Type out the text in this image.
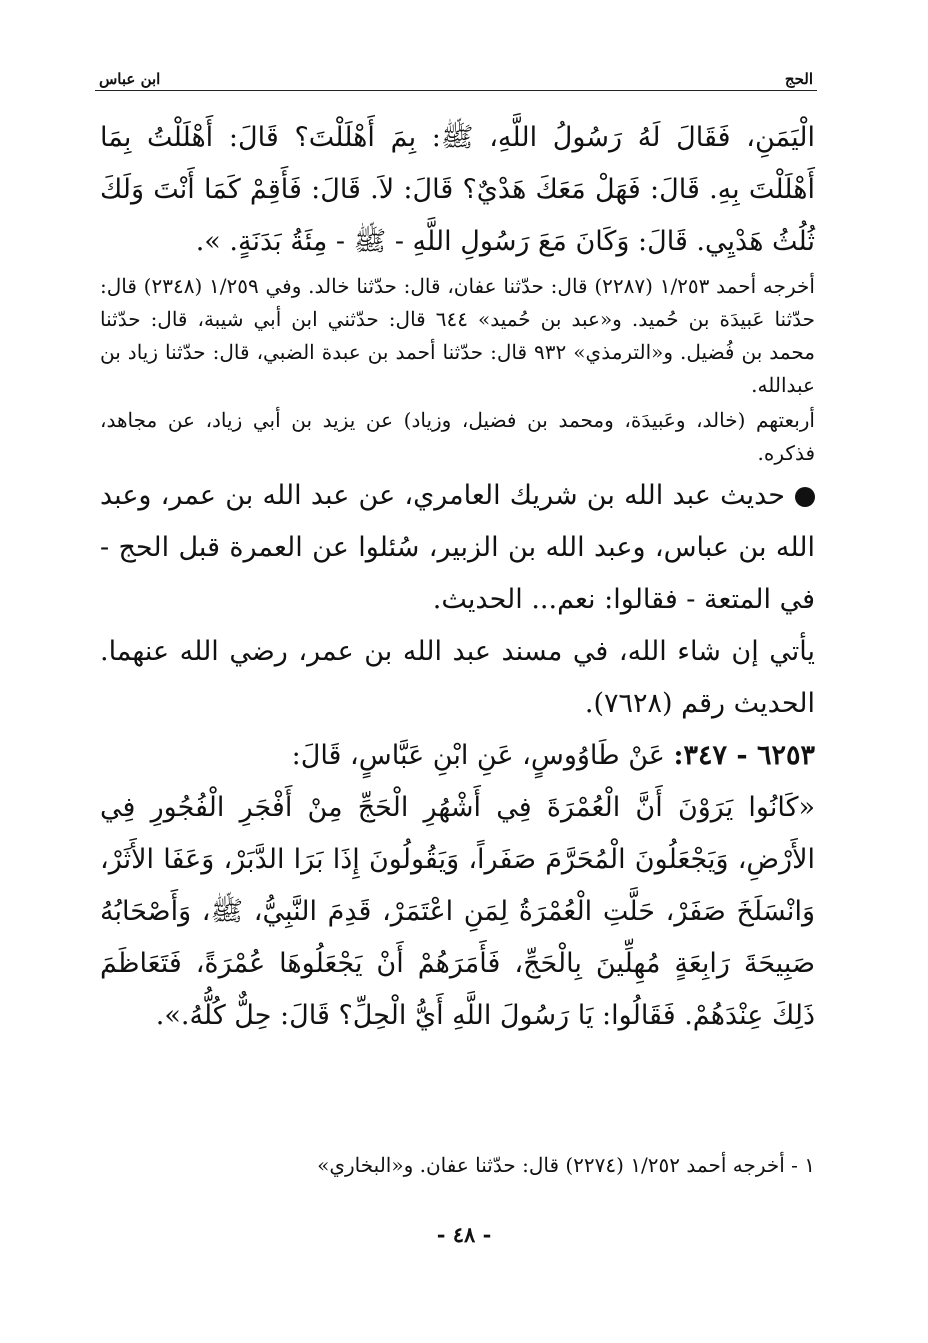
الحج
ابن عباس

الْيَمَنِ، فَقَالَ لَهُ رَسُولُ اللَّهِ، ﷺ: بِمَ أَهْلَلْتَ؟ قَالَ: أَهْلَلْتُ بِمَا أَهْلَلْتَ بِهِ. قَالَ: فَهَلْ مَعَكَ هَدْيٌ؟ قَالَ: لاَ. قَالَ: فَأَقِمْ كَمَا أَنْتَ وَلَكَ ثُلُثُ هَدْيِي. قَالَ: وَكَانَ مَعَ رَسُولِ اللَّهِ - ﷺ - مِئَةُ بَدَنَةٍ. ».

أخرجه أحمد ١/٢٥٣ (٢٢٨٧) قال: حدّثنا عفان، قال: حدّثنا خالد. وفي ١/٢٥٩ (٢٣٤٨) قال: حدّثنا عَبيدَة بن حُميد. و«عبد بن حُميد» ٦٤٤ قال: حدّثني ابن أبي شيبة، قال: حدّثنا محمد بن فُضيل. و«الترمذي» ٩٣٢ قال: حدّثنا أحمد بن عبدة الضبي، قال: حدّثنا زياد بن عبدالله.

أربعتهم (خالد، وعَبيدَة، ومحمد بن فضيل، وزياد) عن يزيد بن أبي زياد، عن مجاهد، فذكره.

حديث عبد الله بن شريك العامري، عن عبد الله بن عمر، وعبد الله بن عباس، وعبد الله بن الزبير، سُئلوا عن العمرة قبل الحج - في المتعة - فقالوا: نعم... الحديث.

يأتي إن شاء الله، في مسند عبد الله بن عمر، رضي الله عنهما. الحديث رقم (٧٦٢٨).

٦٢٥٣ - ٣٤٧: عَنْ طَاوُوسٍ، عَنِ ابْنِ عَبَّاسٍ، قَالَ:

«كَانُوا يَرَوْنَ أَنَّ الْعُمْرَةَ فِي أَشْهُرِ الْحَجِّ مِنْ أَفْجَرِ الْفُجُورِ فِي الأَرْضِ، وَيَجْعَلُونَ الْمُحَرَّمَ صَفَراً، وَيَقُولُونَ إِذَا بَرَا الدَّبَرْ، وَعَفَا الأَثَرْ، وَانْسَلَخَ صَفَرْ، حَلَّتِ الْعُمْرَةُ لِمَنِ اعْتَمَرْ، قَدِمَ النَّبِيُّ، ﷺ، وَأَصْحَابُهُ صَبِيحَةَ رَابِعَةٍ مُهِلِّينَ بِالْحَجِّ، فَأَمَرَهُمْ أَنْ يَجْعَلُوهَا عُمْرَةً، فَتَعَاظَمَ ذَلِكَ عِنْدَهُمْ. فَقَالُوا: يَا رَسُولَ اللَّهِ أَيُّ الْحِلِّ؟ قَالَ: حِلٌّ كُلُّهُ.».

١ - أخرجه أحمد ١/٢٥٢ (٢٢٧٤) قال: حدّثنا عفان. و«البخاري»
- ٤٨ -
